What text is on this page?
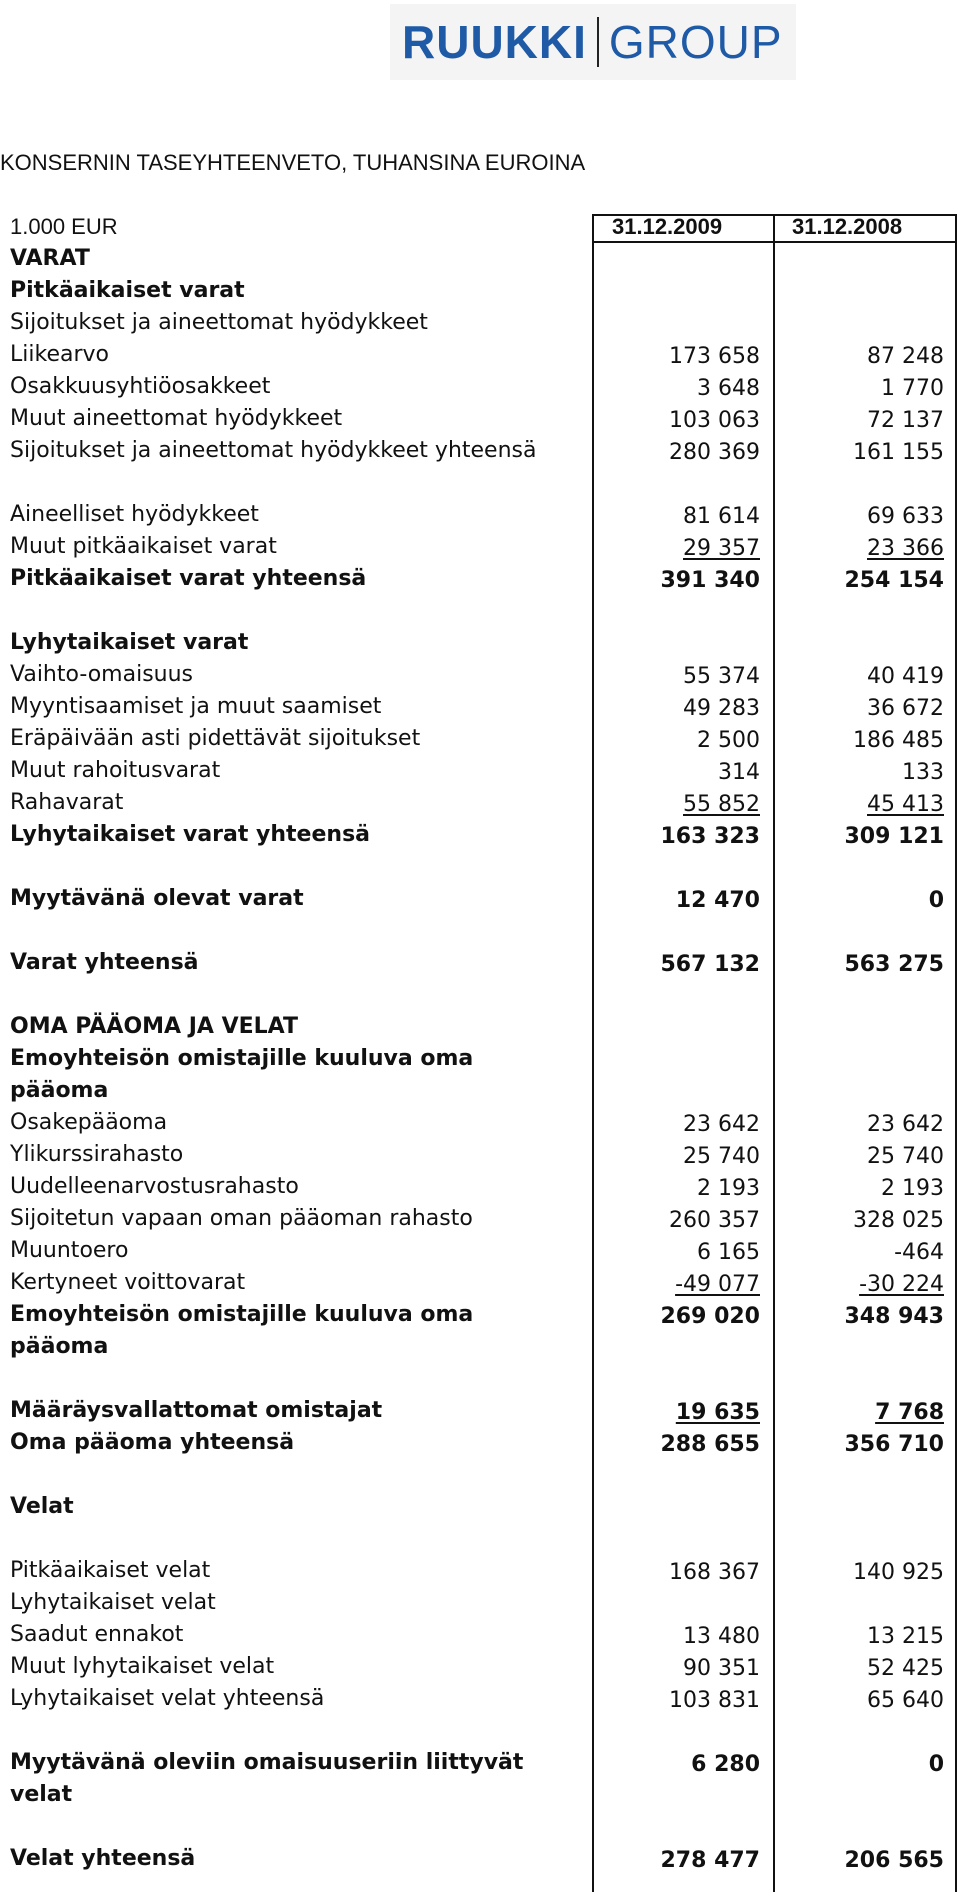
RUUKKI GROUP
KONSERNIN TASEYHTEENVETO, TUHANSINA EUROINA
1.000 EUR	31.12.2009	31.12.2008
VARAT
Pitkäaikaiset varat
Sijoitukset ja aineettomat hyödykkeet
Liikearvo	173 658	87 248
Osakkuusyhtiöosakkeet	3 648	1 770
Muut aineettomat hyödykkeet	103 063	72 137
Sijoitukset ja aineettomat hyödykkeet yhteensä	280 369	161 155
Aineelliset hyödykkeet	81 614	69 633
Muut pitkäaikaiset varat	29 357	23 366
Pitkäaikaiset varat yhteensä	391 340	254 154
Lyhytaikaiset varat
Vaihto-omaisuus	55 374	40 419
Myyntisaamiset ja muut saamiset	49 283	36 672
Eräpäivään asti pidettävät sijoitukset	2 500	186 485
Muut rahoitusvarat	314	133
Rahavarat	55 852	45 413
Lyhytaikaiset varat yhteensä	163 323	309 121
Myytävänä olevat varat	12 470	0
Varat yhteensä	567 132	563 275
OMA PÄÄOMA JA VELAT
Emoyhteisön omistajille kuuluva oma
pääoma
Osakepääoma	23 642	23 642
Ylikurssirahasto	25 740	25 740
Uudelleenarvostusrahasto	2 193	2 193
Sijoitetun vapaan oman pääoman rahasto	260 357	328 025
Muuntoero	6 165	-464
Kertyneet voittovarat	-49 077	-30 224
Emoyhteisön omistajille kuuluva oma	269 020	348 943
pääoma
Määräysvallattomat omistajat	19 635	7 768
Oma pääoma yhteensä	288 655	356 710
Velat
Pitkäaikaiset velat	168 367	140 925
Lyhytaikaiset velat
Saadut ennakot	13 480	13 215
Muut lyhytaikaiset velat	90 351	52 425
Lyhytaikaiset velat yhteensä	103 831	65 640
Myytävänä oleviin omaisuuseriin liittyvät	6 280	0
velat
Velat yhteensä	278 477	206 565
